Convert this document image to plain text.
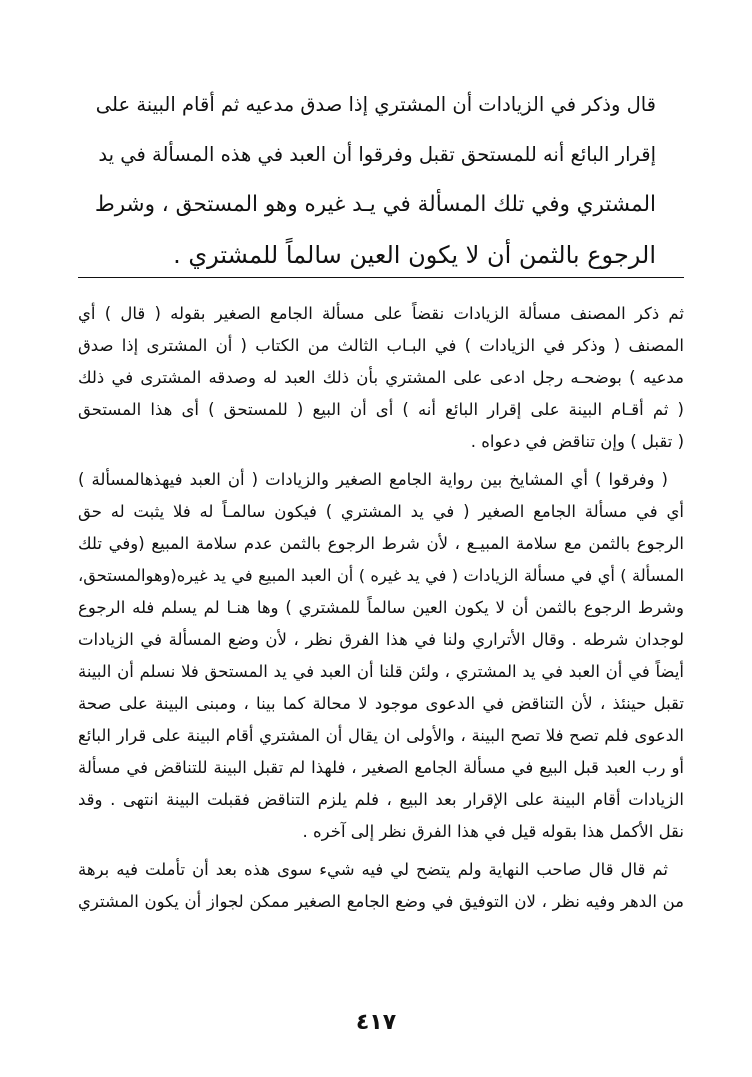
قال وذكر في الزيادات أن المشتري إذا صدق مدعيه ثم أقام البينة على
إقرار البائع أنه للمستحق تقبل وفرقوا أن العبد في هذه المسألة في يد
المشتري وفي تلك المسألة في يـد غيره وهو المستحق ، وشرط
الرجوع بالثمن أن لا يكون العين سالماً للمشتري .
ثم ذكر المصنف مسألة الزيادات نقضاً على مسألة الجامع الصغير بقوله ( قال ) أي
المصنف ( وذكر في الزيادات ) في البـاب الثالث من الكتاب ( أن المشترى إذا صدق
مدعيه ) بوضحـه رجل ادعى على المشتري بأن ذلك العبد له وصدقه المشترى في ذلك
( ثم أقـام البينة على إقرار البائع أنه ) أى أن البيع ( للمستحق ) أى هذا المستحق
( تقبل ) وإن تناقض في دعواه .
( وفرقوا ) أي المشايخ بين رواية الجامع الصغير والزيادات ( أن العبد فيهذهالمسألة )
أي في مسألة الجامع الصغير ( في يد المشتري ) فيكون سالمـاً له فلا يثبت له حق
الرجوع بالثمن مع سلامة المبيـع ، لأن شرط الرجوع بالثمن عدم سلامة المبيع (وفي تلك
المسألة ) أي في مسألة الزيادات ( في يد غيره ) أن العبد المبيع في يد غيره(وهوالمستحق،
وشرط الرجوع بالثمن أن لا يكون العين سالماً للمشتري ) وها هنـا لم يسلم فله الرجوع
لوجدان شرطه . وقال الأتراري ولنا في هذا الفرق نظر ، لأن وضع المسألة في الزيادات
أيضاً في أن العبد في يد المشتري ، ولئن قلنا أن العبد في يد المستحق فلا نسلم أن البينة
تقبل حينئذ ، لأن التناقض في الدعوى موجود لا محالة كما بينا ، ومبنى البينة على صحة
الدعوى فلم تصح فلا تصح البينة ، والأولى ان يقال أن المشتري أقام البينة على قرار البائع
أو رب العبد قبل البيع في مسألة الجامع الصغير ، فلهذا لم تقبل البينة للتناقض في مسألة
الزيادات أقام البينة على الإقرار بعد البيع ، فلم يلزم التناقض فقبلت البينة انتهى . وقد
نقل الأكمل هذا بقوله قيل في هذا الفرق نظر إلى آخره .
ثم قال قال صاحب النهاية ولم يتضح لي فيه شيء سوى هذه بعد أن تأملت فيه برهة
من الدهر وفيه نظر ، لان التوفيق في وضع الجامع الصغير ممكن لجواز أن يكون المشتري
٤١٧
